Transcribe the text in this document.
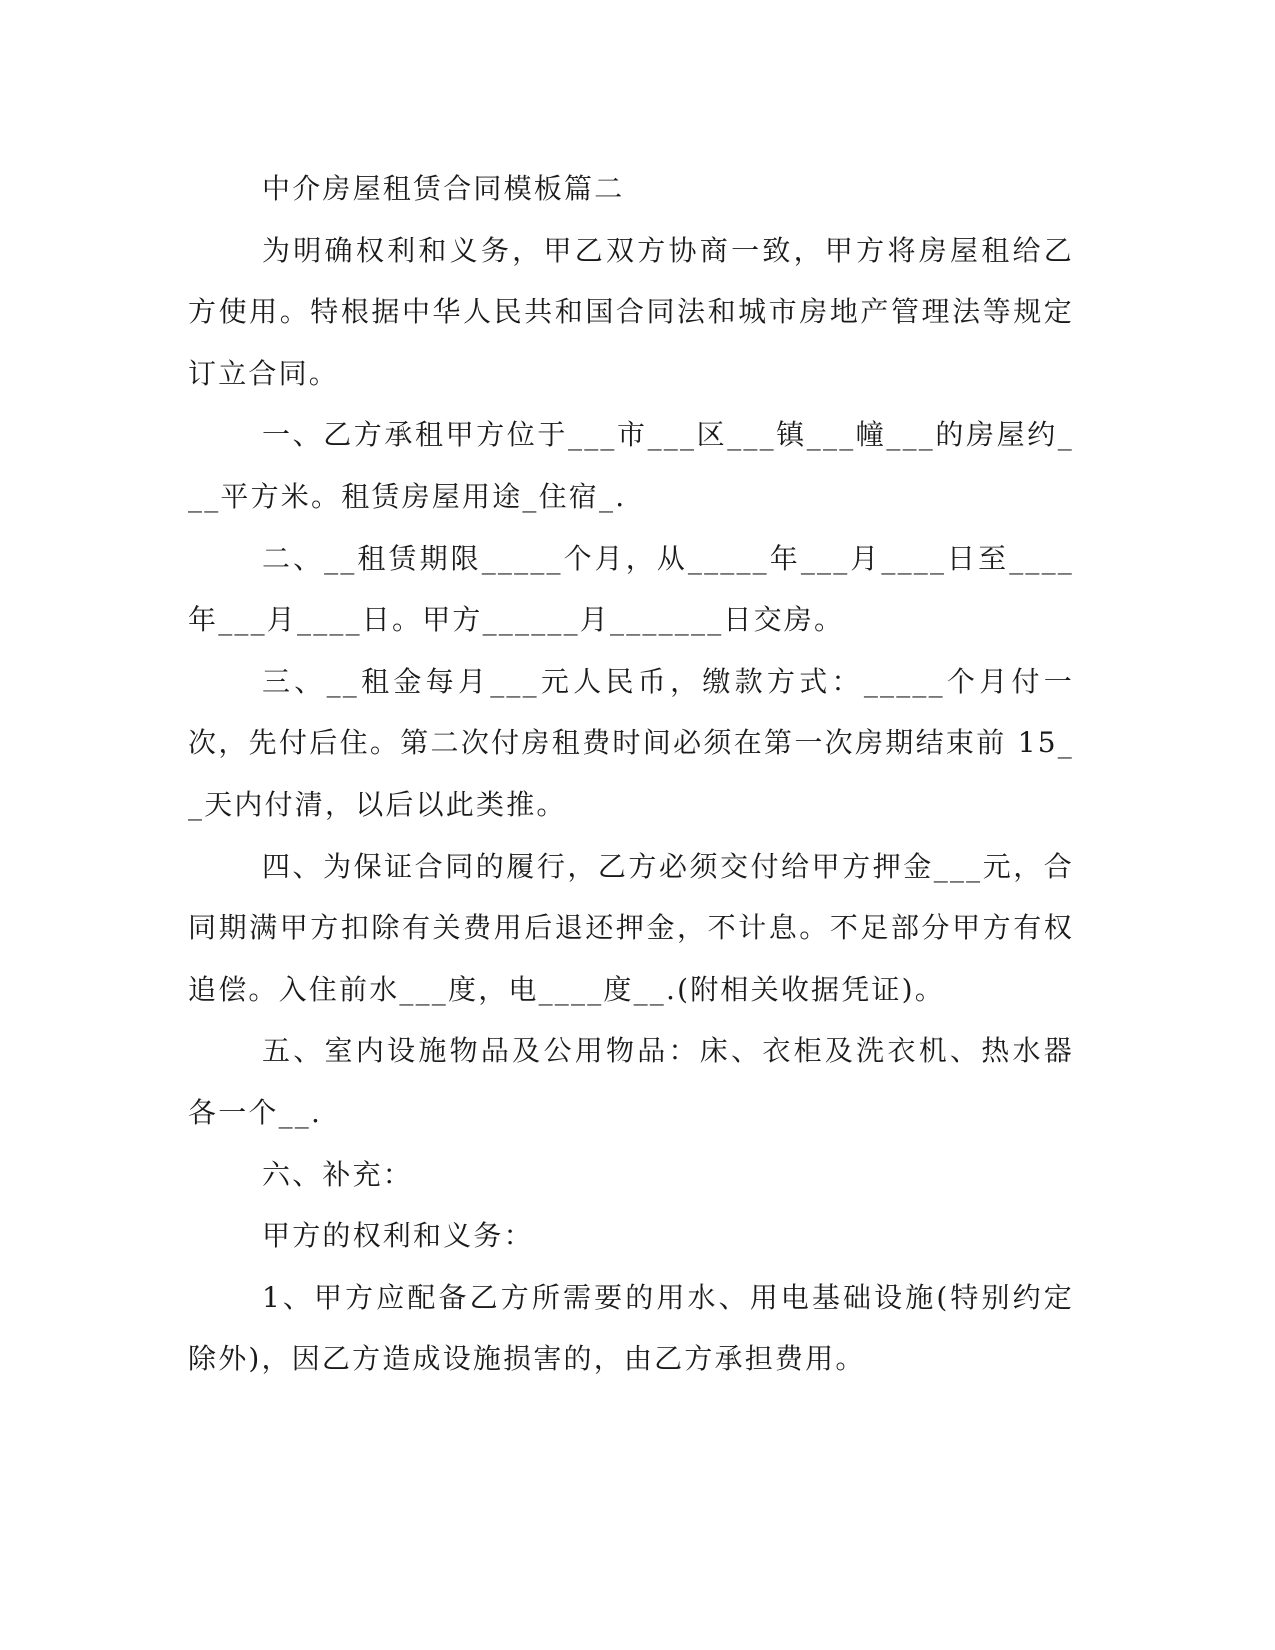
中介房屋租赁合同模板篇二

为明确权利和义务，甲乙双方协商一致，甲方将房屋租给乙方使用。特根据中华人民共和国合同法和城市房地产管理法等规定订立合同。

一、乙方承租甲方位于___市___区___镇___幢___的房屋约___平方米。租赁房屋用途_住宿_.

二、__租赁期限_____个月，从_____年___月____日至____年___月____日。甲方______月_______日交房。

三、__租金每月___元人民币，缴款方式：_____个月付一次，先付后住。第二次付房租费时间必须在第一次房期结束前 15__天内付清，以后以此类推。

四、为保证合同的履行，乙方必须交付给甲方押金___元，合同期满甲方扣除有关费用后退还押金，不计息。不足部分甲方有权追偿。入住前水___度，电____度__.(附相关收据凭证)。

五、室内设施物品及公用物品：床、衣柜及洗衣机、热水器各一个__.

六、补充：

甲方的权利和义务：

1、甲方应配备乙方所需要的用水、用电基础设施(特别约定除外)，因乙方造成设施损害的，由乙方承担费用。
